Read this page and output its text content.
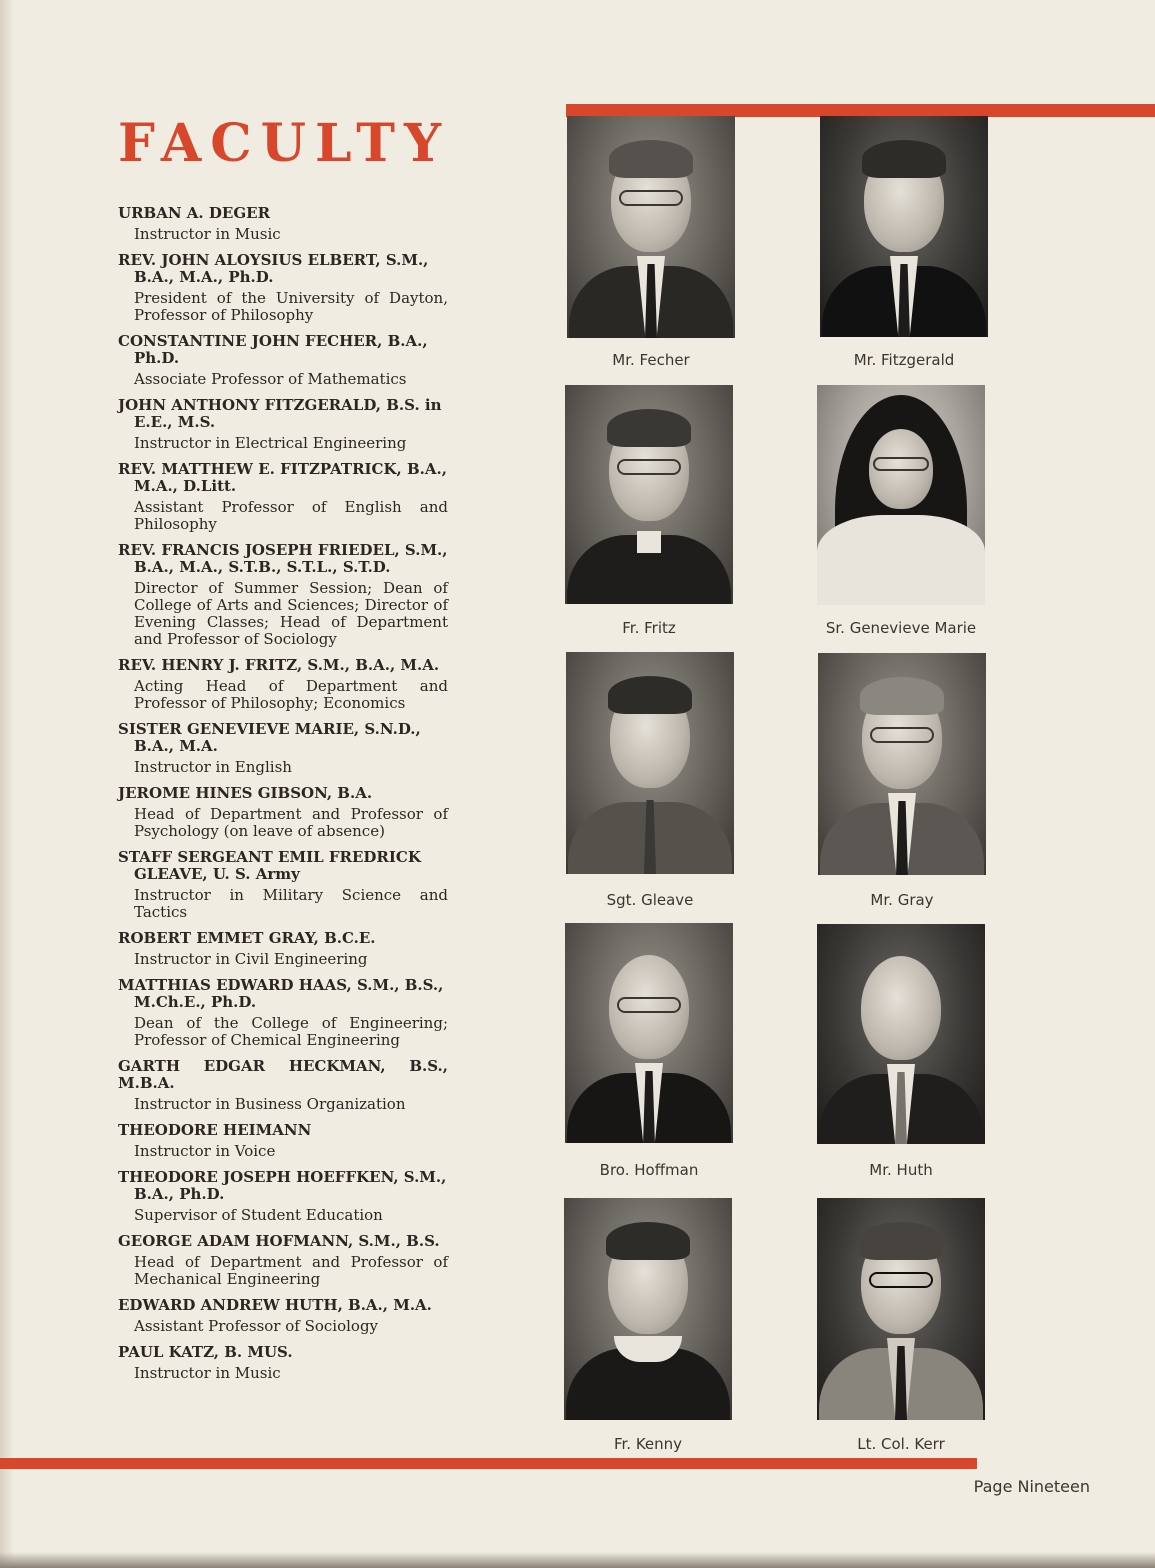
FACULTY
URBAN A. DEGER
Instructor in Music
REV. JOHN ALOYSIUS ELBERT, S.M.,
B.A., M.A., Ph.D.
President of the University of Dayton, Professor of Philosophy
CONSTANTINE JOHN FECHER, B.A.,
Ph.D.
Associate Professor of Mathematics
JOHN ANTHONY FITZGERALD, B.S. in
E.E., M.S.
Instructor in Electrical Engineering
REV. MATTHEW E. FITZPATRICK, B.A.,
M.A., D.Litt.
Assistant Professor of English and Philosophy
REV. FRANCIS JOSEPH FRIEDEL, S.M.,
B.A., M.A., S.T.B., S.T.L., S.T.D.
Director of Summer Session; Dean of College of Arts and Sciences; Director of Evening Classes; Head of Department and Professor of Sociology
REV. HENRY J. FRITZ, S.M., B.A., M.A.
Acting Head of Department and Professor of Philosophy; Economics
SISTER GENEVIEVE MARIE, S.N.D.,
B.A., M.A.
Instructor in English
JEROME HINES GIBSON, B.A.
Head of Department and Professor of Psychology (on leave of absence)
STAFF SERGEANT EMIL FREDRICK
GLEAVE, U. S. Army
Instructor in Military Science and Tactics
ROBERT EMMET GRAY, B.C.E.
Instructor in Civil Engineering
MATTHIAS EDWARD HAAS, S.M., B.S.,
M.Ch.E., Ph.D.
Dean of the College of Engineering; Professor of Chemical Engineering
GARTH EDGAR HECKMAN, B.S., M.B.A.
Instructor in Business Organization
THEODORE HEIMANN
Instructor in Voice
THEODORE JOSEPH HOEFFKEN, S.M.,
B.A., Ph.D.
Supervisor of Student Education
GEORGE ADAM HOFMANN, S.M., B.S.
Head of Department and Professor of Mechanical Engineering
EDWARD ANDREW HUTH, B.A., M.A.
Assistant Professor of Sociology
PAUL KATZ, B. MUS.
Instructor in Music
Mr. Fecher	Mr. Fitzgerald
Fr. Fritz	Sr. Genevieve Marie
Sgt. Gleave	Mr. Gray
Bro. Hoffman	Mr. Huth
Fr. Kenny	Lt. Col. Kerr
Page Nineteen
